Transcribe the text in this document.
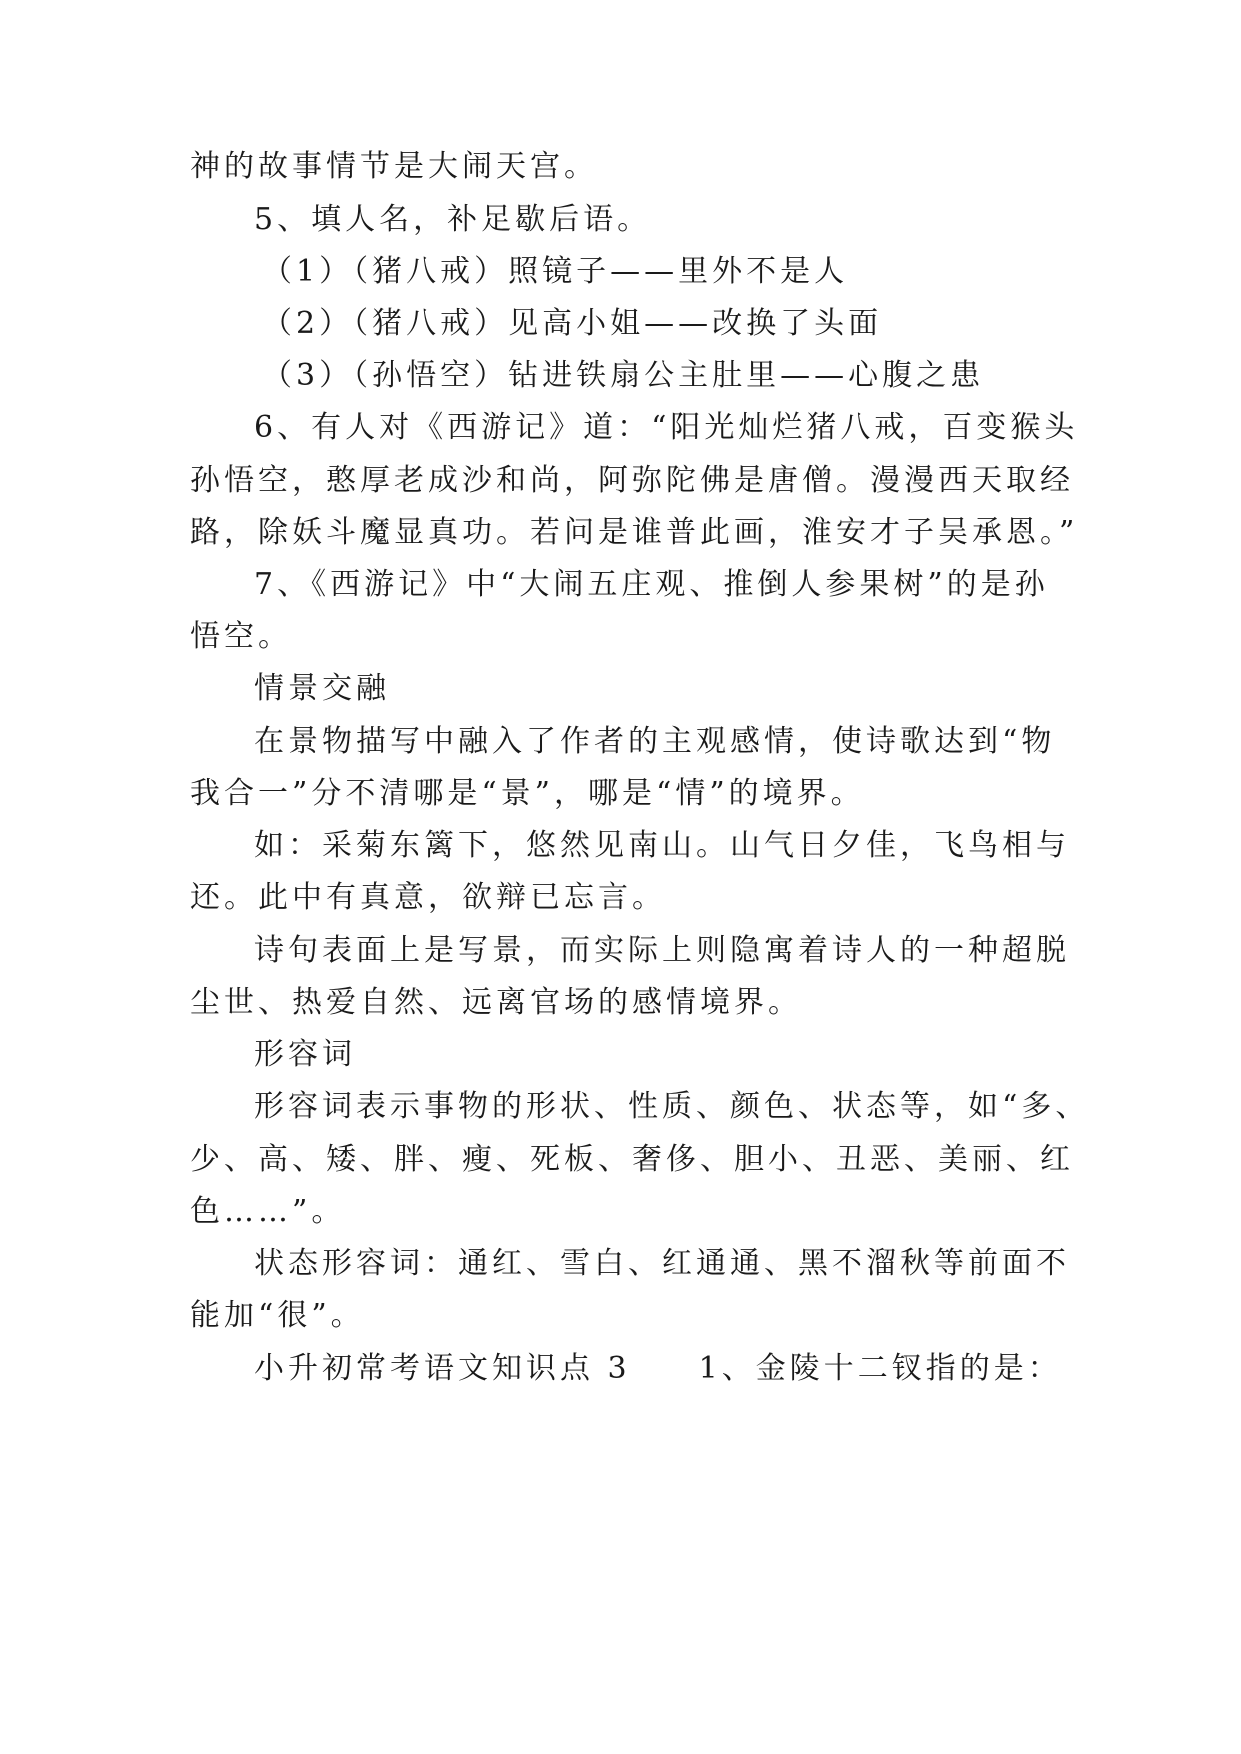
神的故事情节是大闹天宫。
5、填人名，补足歇后语。
（1）（猪八戒）照镜子——里外不是人
（2）（猪八戒）见高小姐——改换了头面
（3）（孙悟空）钻进铁扇公主肚里——心腹之患
6、有人对《西游记》道：“阳光灿烂猪八戒，百变猴头
孙悟空，憨厚老成沙和尚，阿弥陀佛是唐僧。漫漫西天取经
路，除妖斗魔显真功。若问是谁普此画，淮安才子吴承恩。”
7、《西游记》中“大闹五庄观、推倒人参果树”的是孙
悟空。
情景交融
在景物描写中融入了作者的主观感情，使诗歌达到“物
我合一”分不清哪是“景”，哪是“情”的境界。
如：采菊东篱下，悠然见南山。山气日夕佳，飞鸟相与
还。此中有真意，欲辩已忘言。
诗句表面上是写景，而实际上则隐寓着诗人的一种超脱
尘世、热爱自然、远离官场的感情境界。
形容词
形容词表示事物的形状、性质、颜色、状态等，如“多、
少、高、矮、胖、瘦、死板、奢侈、胆小、丑恶、美丽、红
色……”。
状态形容词：通红、雪白、红通通、黑不溜秋等前面不
能加“很”。
小升初常考语文知识点 3　　1、金陵十二钗指的是：
